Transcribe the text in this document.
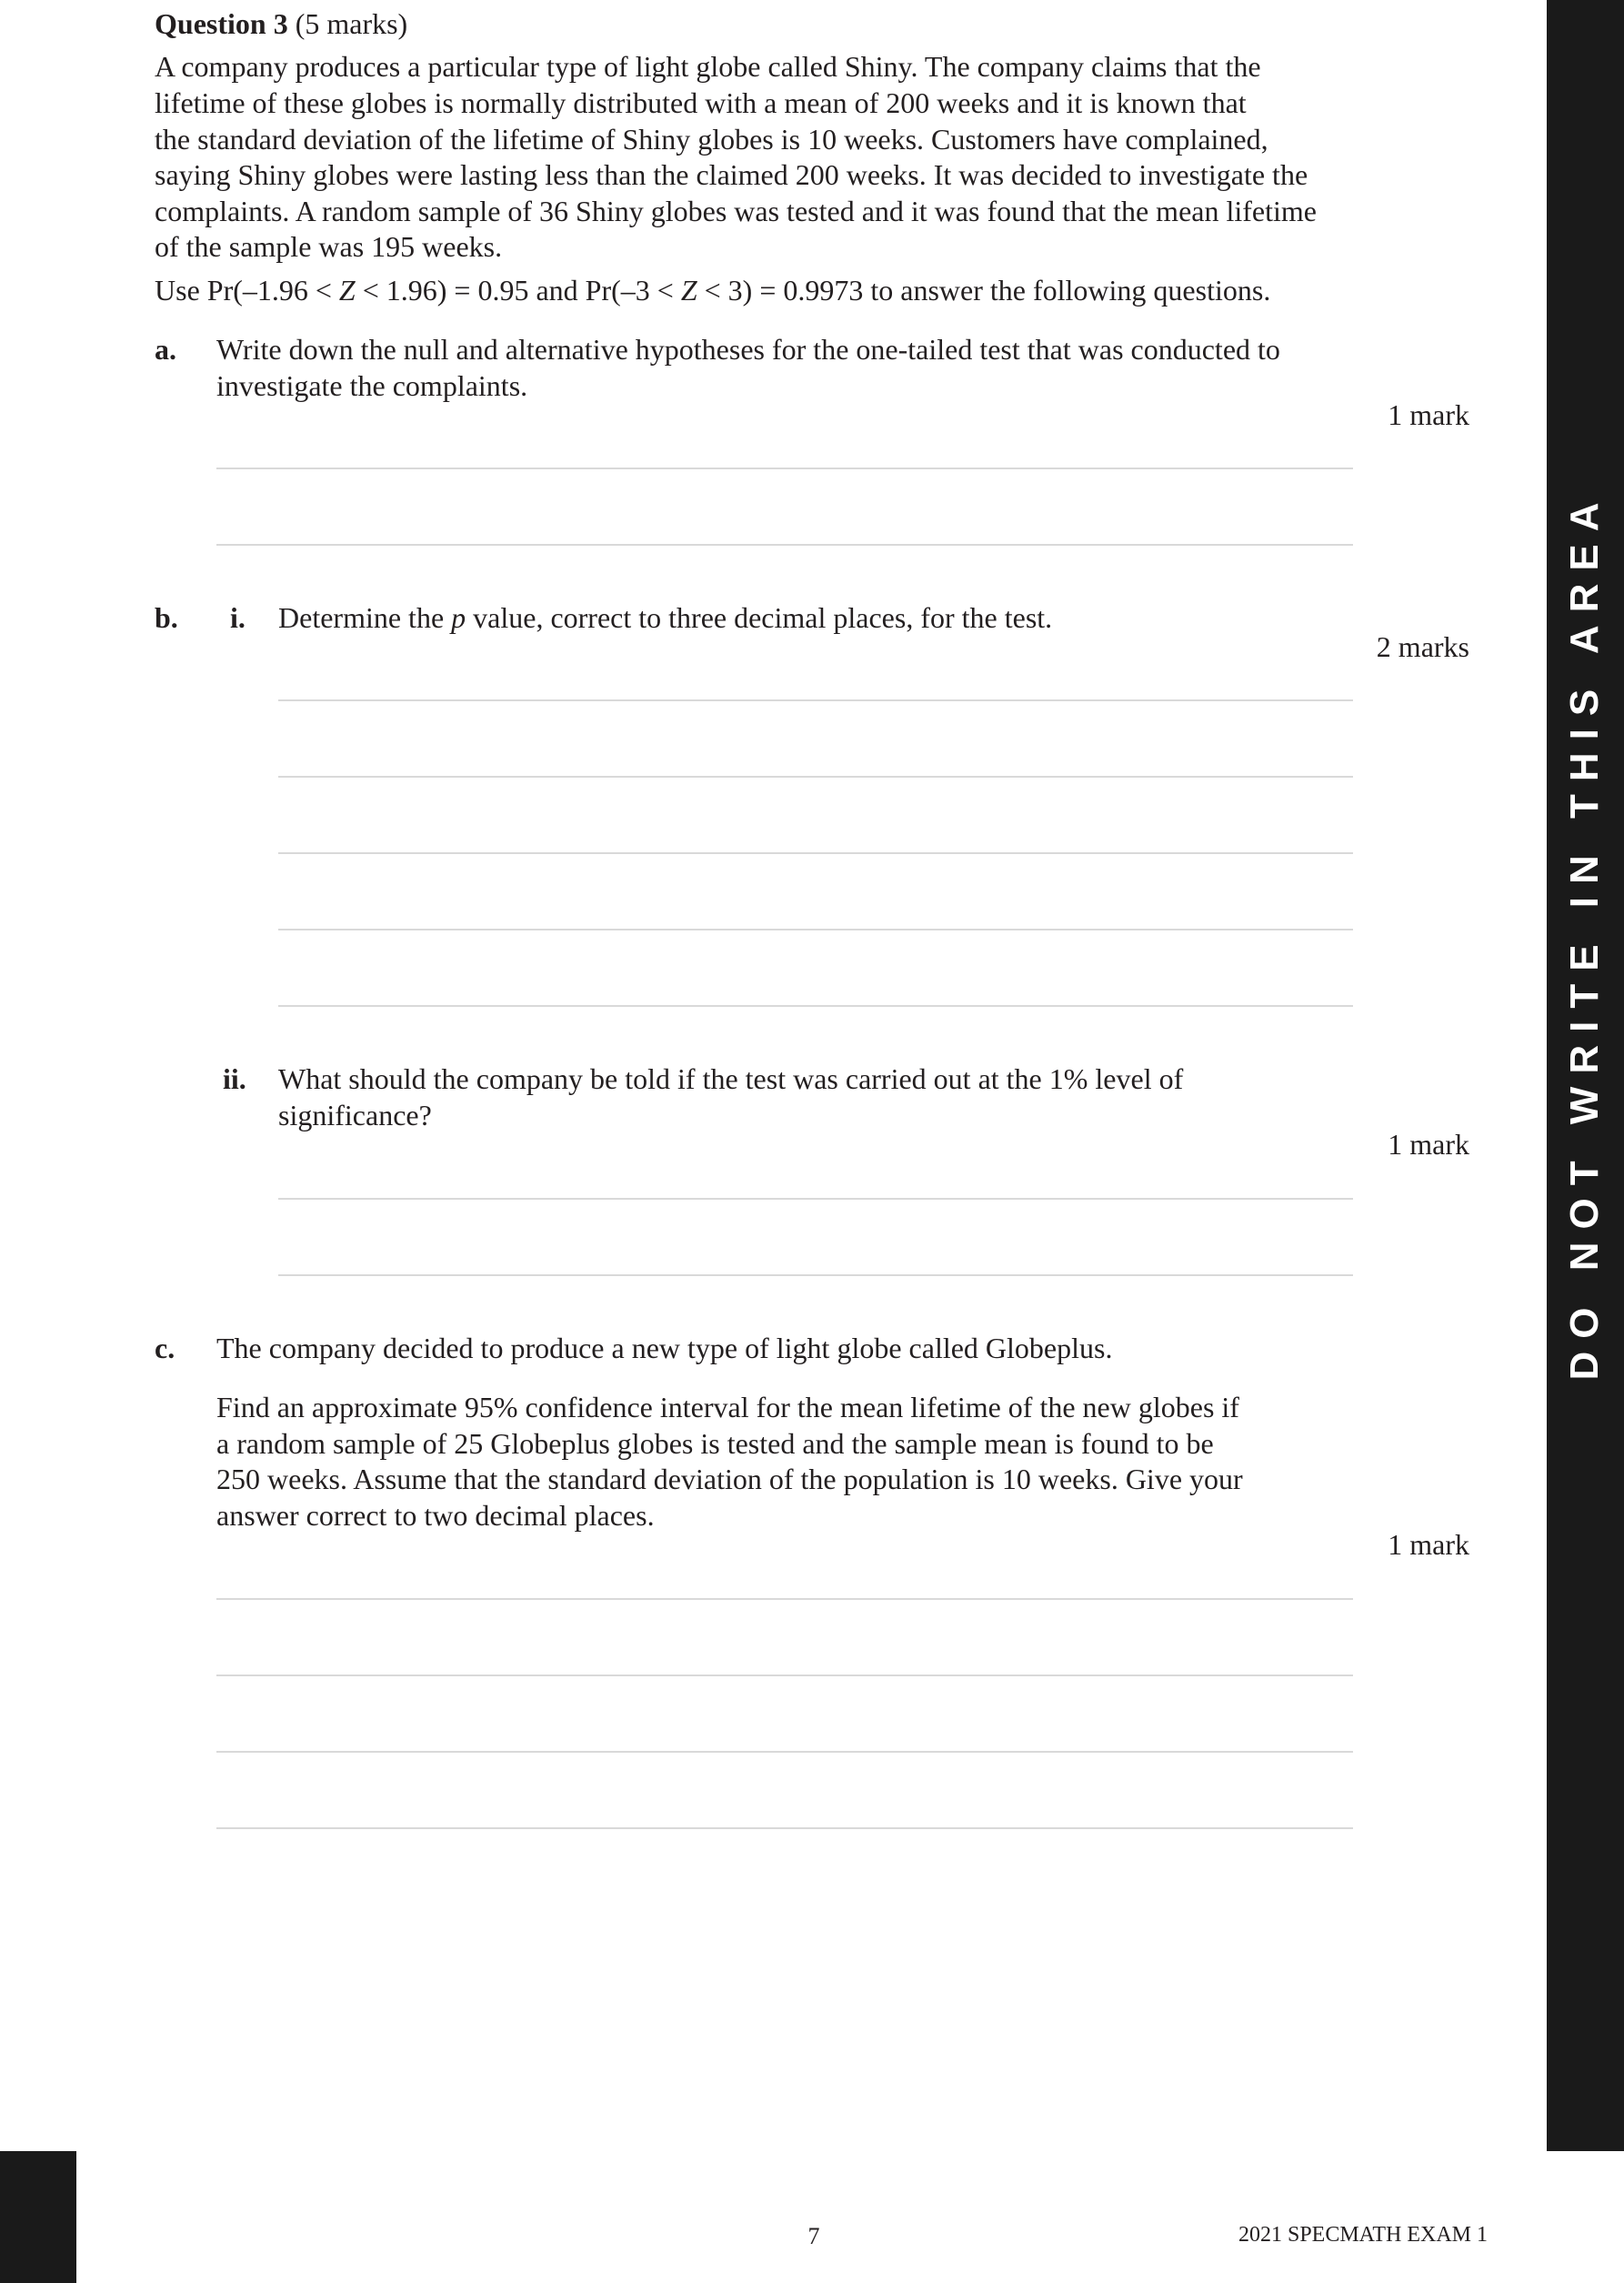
Question 3 (5 marks)

A company produces a particular type of light globe called Shiny. The company claims that the

lifetime of these globes is normally distributed with a mean of 200 weeks and it is known that

the standard deviation of the lifetime of Shiny globes is 10 weeks. Customers have complained,

saying Shiny globes were lasting less than the claimed 200 weeks. It was decided to investigate the

complaints. A random sample of 36 Shiny globes was tested and it was found that the mean lifetime

of the sample was 195 weeks.

Use Pr(–1.96 < Z < 1.96) = 0.95 and Pr(–3 < Z < 3) = 0.9973 to answer the following questions.

a. Write down the null and alternative hypotheses for the one-tailed test that was conducted to

investigate the complaints.

1 mark

b. i. Determine the p value, correct to three decimal places, for the test.

2 marks

ii. What should the company be told if the test was carried out at the 1% level of

significance?

1 mark

c. The company decided to produce a new type of light globe called Globeplus.

Find an approximate 95% confidence interval for the mean lifetime of the new globes if

a random sample of 25 Globeplus globes is tested and the sample mean is found to be

250 weeks. Assume that the standard deviation of the population is 10 weeks. Give your

answer correct to two decimal places.

1 mark

DO NOT WRITE IN THIS AREA
7	2021 SPECMATH EXAM 1
